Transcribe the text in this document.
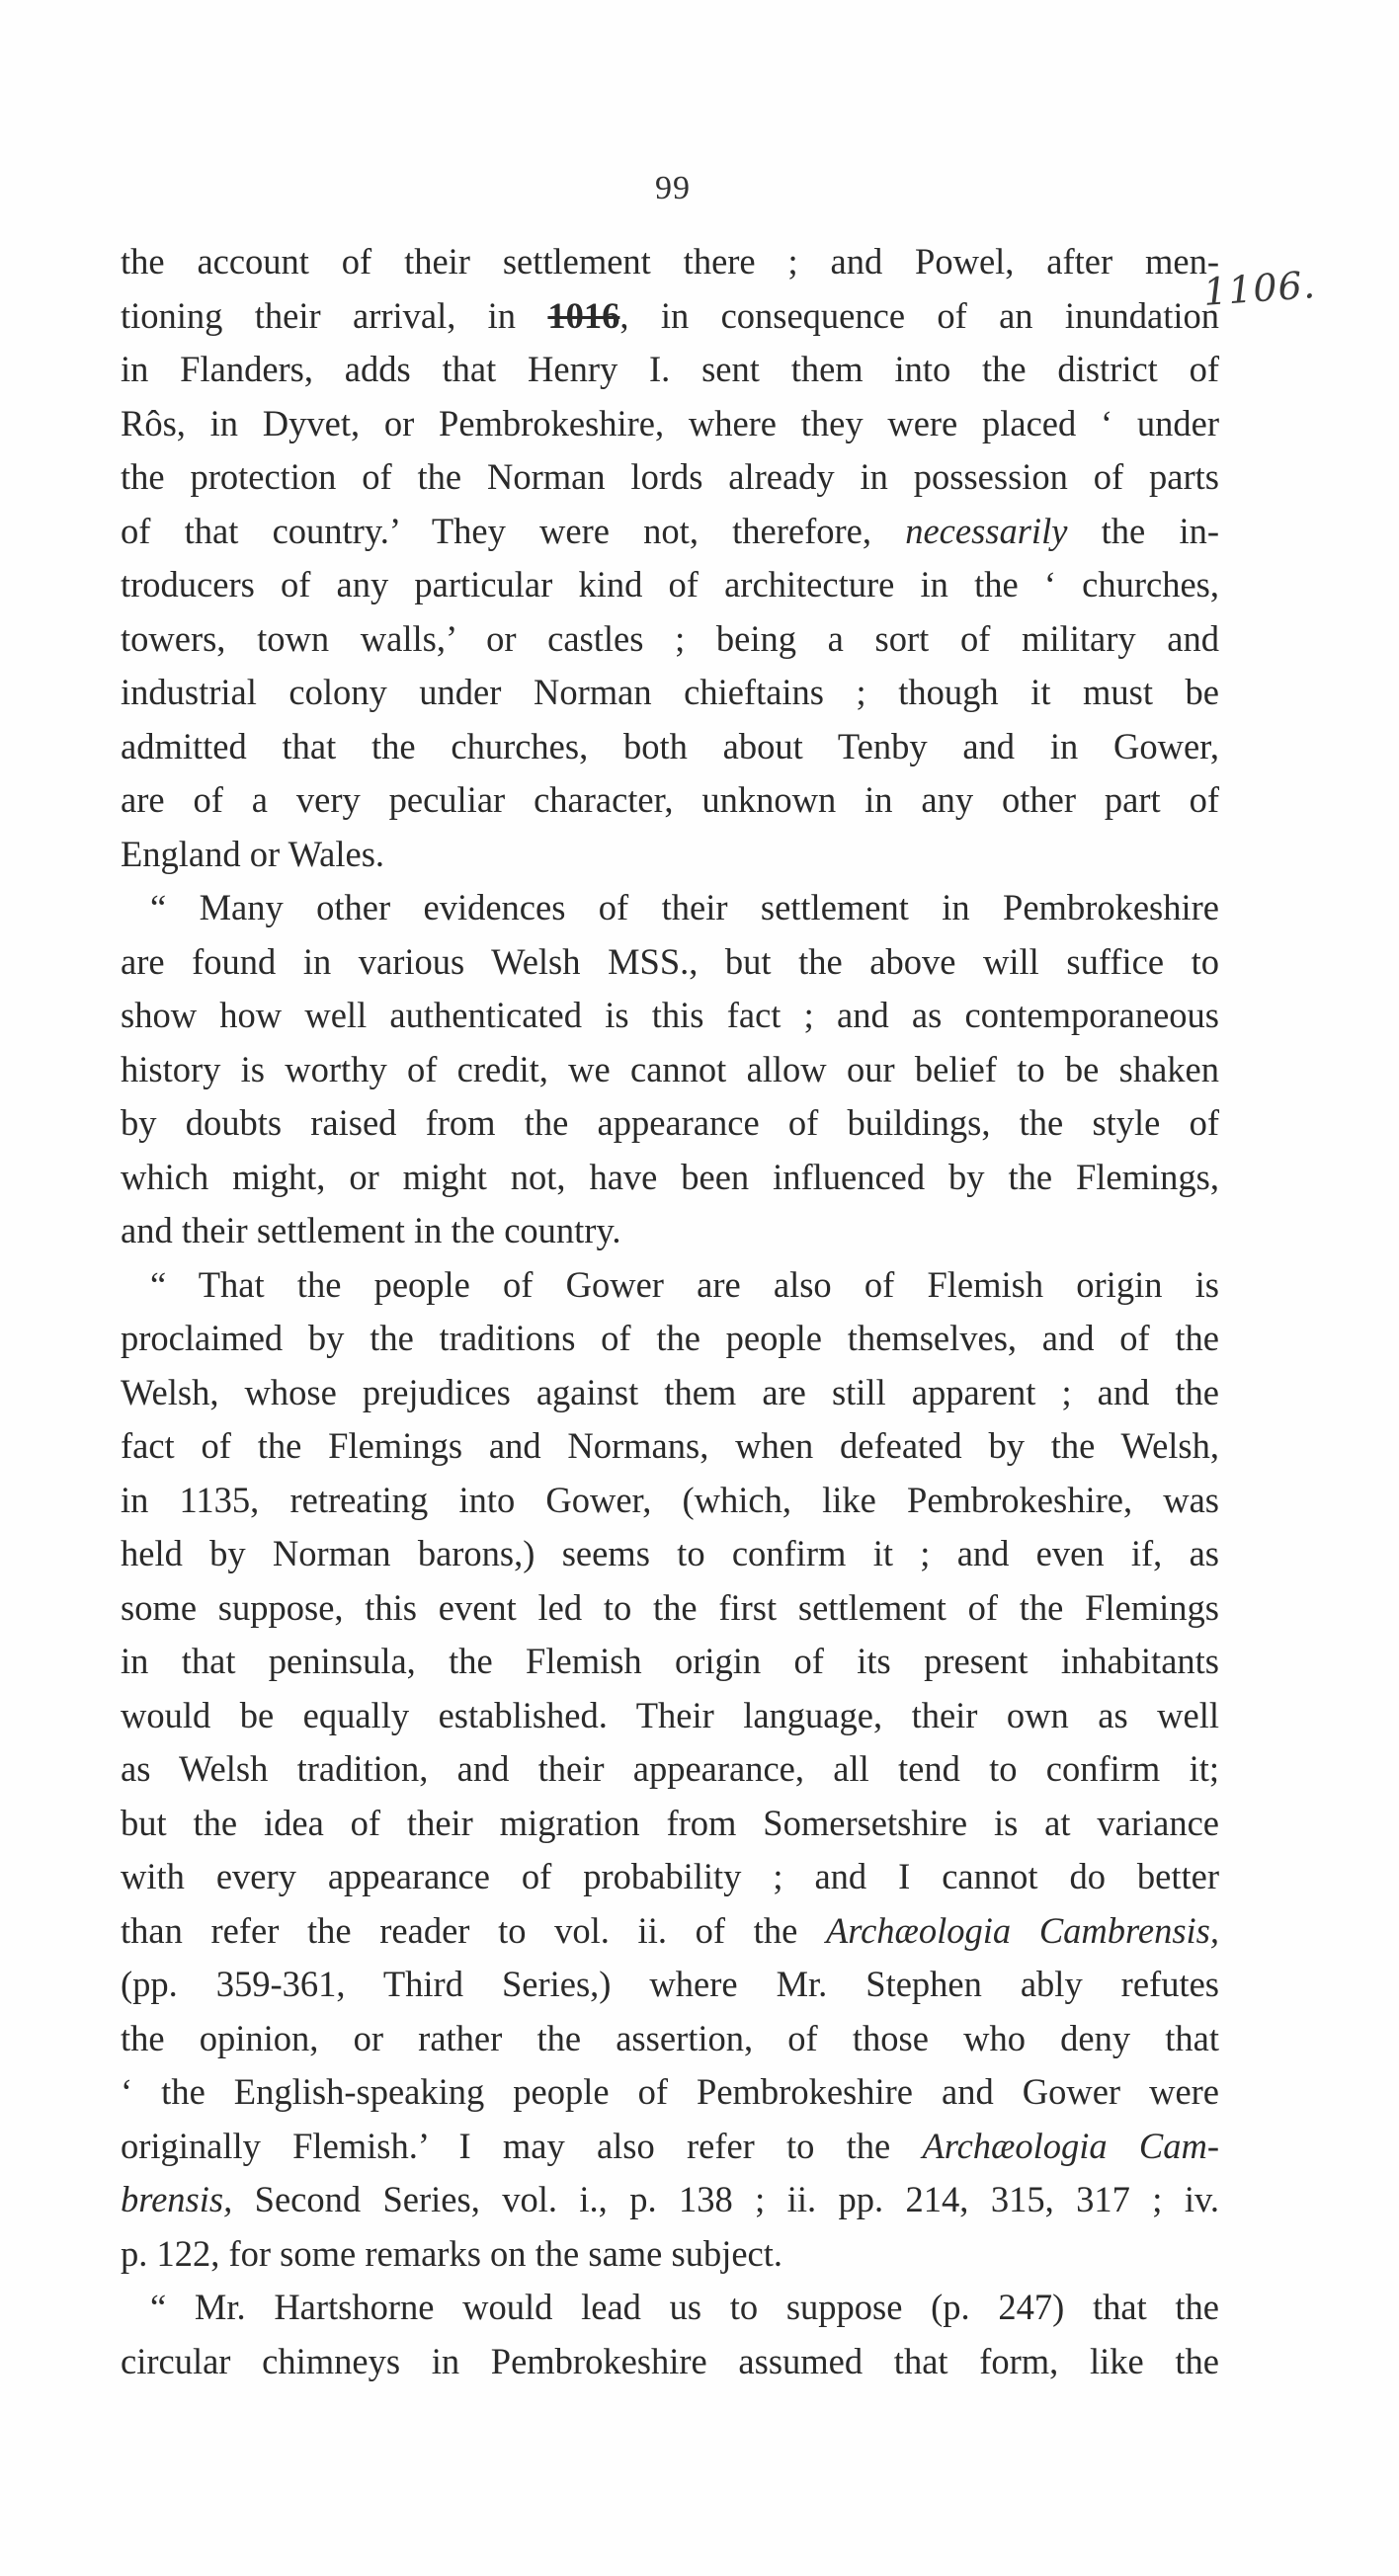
99
1106.
the account of their settlement there ; and Powel, after men-
tioning their arrival, in 1016, in consequence of an inundation
in Flanders, adds that Henry I. sent them into the district of
Rôs, in Dyvet, or Pembrokeshire, where they were placed ‘ under
the protection of the Norman lords already in possession of parts
of that country.’ They were not, therefore, necessarily the in-
troducers of any particular kind of architecture in the ‘ churches,
towers, town walls,’ or castles ; being a sort of military and
industrial colony under Norman chieftains ; though it must be
admitted that the churches, both about Tenby and in Gower,
are of a very peculiar character, unknown in any other part of
England or Wales.
“ Many other evidences of their settlement in Pembrokeshire
are found in various Welsh MSS., but the above will suffice to
show how well authenticated is this fact ; and as contemporaneous
history is worthy of credit, we cannot allow our belief to be shaken
by doubts raised from the appearance of buildings, the style of
which might, or might not, have been influenced by the Flemings,
and their settlement in the country.
“ That the people of Gower are also of Flemish origin is
proclaimed by the traditions of the people themselves, and of the
Welsh, whose prejudices against them are still apparent ; and the
fact of the Flemings and Normans, when defeated by the Welsh,
in 1135, retreating into Gower, (which, like Pembrokeshire, was
held by Norman barons,) seems to confirm it ; and even if, as
some suppose, this event led to the first settlement of the Flemings
in that peninsula, the Flemish origin of its present inhabitants
would be equally established. Their language, their own as well
as Welsh tradition, and their appearance, all tend to confirm it;
but the idea of their migration from Somersetshire is at variance
with every appearance of probability ; and I cannot do better
than refer the reader to vol. ii. of the Archæologia Cambrensis,
(pp. 359-361, Third Series,) where Mr. Stephen ably refutes
the opinion, or rather the assertion, of those who deny that
‘ the English-speaking people of Pembrokeshire and Gower were
originally Flemish.’ I may also refer to the Archæologia Cam-
brensis, Second Series, vol. i., p. 138 ; ii. pp. 214, 315, 317 ; iv.
p. 122, for some remarks on the same subject.
“ Mr. Hartshorne would lead us to suppose (p. 247) that the
circular chimneys in Pembrokeshire assumed that form, like the
